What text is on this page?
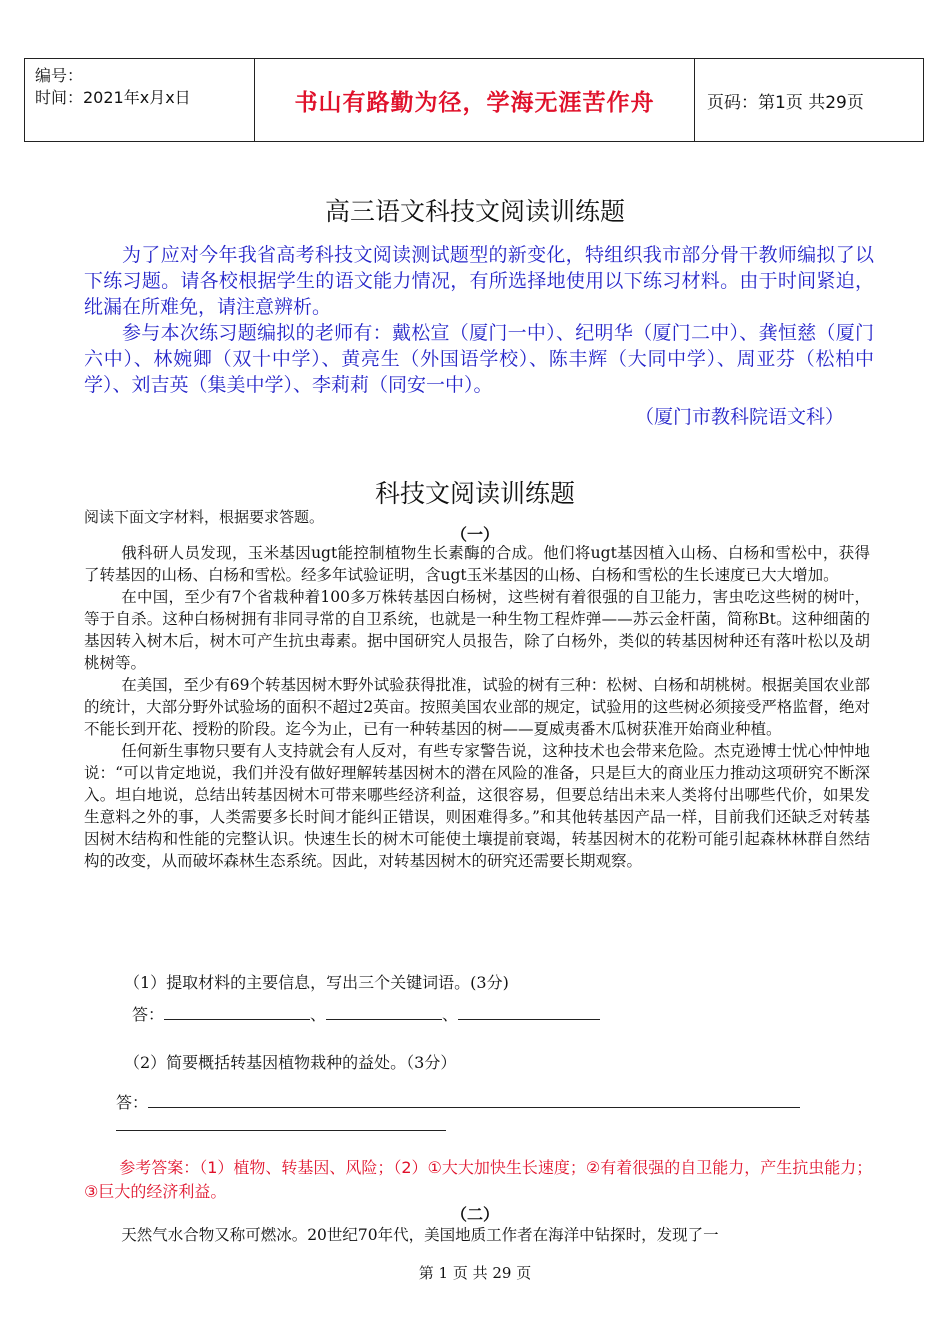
编号：
时间：2021年x月x日	书山有路勤为径，学海无涯苦作舟	页码：第1页 共29页
高三语文科技文阅读训练题

为了应对今年我省高考科技文阅读测试题型的新变化，特组织我市部分骨干教师编拟了以下练习题。请各校根据学生的语文能力情况，有所选择地使用以下练习材料。由于时间紧迫，纰漏在所难免，请注意辨析。

参与本次练习题编拟的老师有：戴松宣（厦门一中）、纪明华（厦门二中）、龚恒慈（厦门六中）、林婉卿（双十中学）、黄亮生（外国语学校）、陈丰辉（大同中学）、周亚芬（松柏中学）、刘吉英（集美中学）、李莉莉（同安一中）。

（厦门市教科院语文科）

科技文阅读训练题
阅读下面文字材料，根据要求答题。
（一）

俄科研人员发现，玉米基因ugt能控制植物生长素酶的合成。他们将ugt基因植入山杨、白杨和雪松中，获得了转基因的山杨、白杨和雪松。经多年试验证明，含ugt玉米基因的山杨、白杨和雪松的生长速度已大大增加。

在中国，至少有7个省栽种着100多万株转基因白杨树，这些树有着很强的自卫能力，害虫吃这些树的树叶，等于自杀。这种白杨树拥有非同寻常的自卫系统，也就是一种生物工程炸弹——苏云金杆菌，简称Bt。这种细菌的基因转入树木后，树木可产生抗虫毒素。据中国研究人员报告，除了白杨外，类似的转基因树种还有落叶松以及胡桃树等。

在美国，至少有69个转基因树木野外试验获得批准，试验的树有三种：松树、白杨和胡桃树。根据美国农业部的统计，大部分野外试验场的面积不超过2英亩。按照美国农业部的规定，试验用的这些树必须接受严格监督，绝对不能长到开花、授粉的阶段。迄今为止，已有一种转基因的树——夏威夷番木瓜树获准开始商业种植。

任何新生事物只要有人支持就会有人反对，有些专家警告说，这种技术也会带来危险。杰克逊博士忧心忡忡地说：“可以肯定地说，我们并没有做好理解转基因树木的潜在风险的准备，只是巨大的商业压力推动这项研究不断深入。坦白地说，总结出转基因树木可带来哪些经济利益，这很容易，但要总结出未来人类将付出哪些代价，如果发生意料之外的事，人类需要多长时间才能纠正错误，则困难得多。”和其他转基因产品一样，目前我们还缺乏对转基因树木结构和性能的完整认识。快速生长的树木可能使土壤提前衰竭，转基因树木的花粉可能引起森林林群自然结构的改变，从而破坏森林生态系统。因此，对转基因树木的研究还需要长期观察。

（1）提取材料的主要信息，写出三个关键词语。(3分)
答：	、	、
（2）简要概括转基因植物栽种的益处。（3分）
答：

参考答案：（1）植物、转基因、风险；（2）①大大加快生长速度；②有着很强的自卫能力，产生抗虫能力；③巨大的经济利益。

（二）

天然气水合物又称可燃冰。20世纪70年代，美国地质工作者在海洋中钻探时，发现了一

第 1 页 共 29 页
